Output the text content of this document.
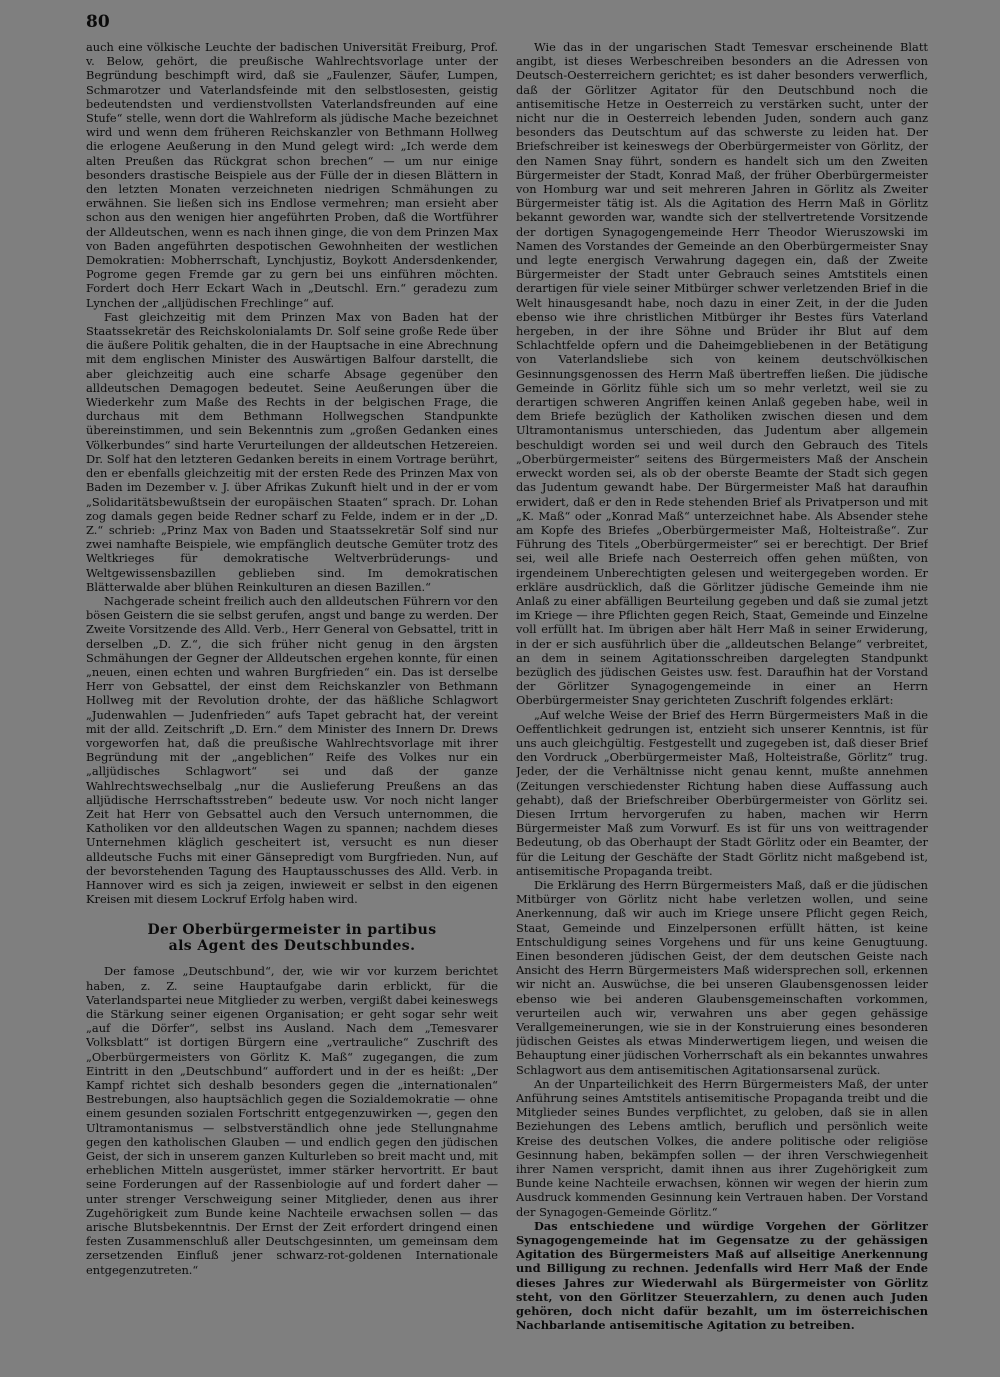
80

auch eine völkische Leuchte der badischen Universität Freiburg, Prof. v. Below, gehört, die preußische Wahlrechtsvorlage unter der Begründung beschimpft wird, daß sie „Faulenzer, Säufer, Lumpen, Schmarotzer und Vaterlandsfeinde mit den selbstlosesten, geistig bedeutendsten und verdienstvollsten Vaterlandsfreunden auf eine Stufe“ stelle, wenn dort die Wahlreform als jüdische Mache bezeichnet wird und wenn dem früheren Reichskanzler von Bethmann Hollweg die erlogene Aeußerung in den Mund gelegt wird: „Ich werde dem alten Preußen das Rückgrat schon brechen“ — um nur einige besonders drastische Beispiele aus der Fülle der in diesen Blättern in den letzten Monaten verzeichneten niedrigen Schmähungen zu erwähnen. Sie ließen sich ins Endlose vermehren; man ersieht aber schon aus den wenigen hier angeführten Proben, daß die Wortführer der Alldeutschen, wenn es nach ihnen ginge, die von dem Prinzen Max von Baden angeführten despotischen Gewohnheiten der westlichen Demokratien: Mobherrschaft, Lynchjustiz, Boykott Andersdenkender, Pogrome gegen Fremde gar zu gern bei uns einführen möchten. Fordert doch Herr Eckart Wach in „Deutschl. Ern.“ geradezu zum Lynchen der „alljüdischen Frechlinge“ auf.

Fast gleichzeitig mit dem Prinzen Max von Baden hat der Staatssekretär des Reichskolonialamts Dr. Solf seine große Rede über die äußere Politik gehalten, die in der Hauptsache in eine Abrechnung mit dem englischen Minister des Auswärtigen Balfour darstellt, die aber gleichzeitig auch eine scharfe Absage gegenüber den alldeutschen Demagogen bedeutet. Seine Aeußerungen über die Wiederkehr zum Maße des Rechts in der belgischen Frage, die durchaus mit dem Bethmann Hollwegschen Standpunkte übereinstimmen, und sein Bekenntnis zum „großen Gedanken eines Völkerbundes“ sind harte Verurteilungen der alldeutschen Hetzereien. Dr. Solf hat den letzteren Gedanken bereits in einem Vortrage berührt, den er ebenfalls gleichzeitig mit der ersten Rede des Prinzen Max von Baden im Dezember v. J. über Afrikas Zukunft hielt und in der er vom „Solidaritätsbewußtsein der europäischen Staaten“ sprach. Dr. Lohan zog damals gegen beide Redner scharf zu Felde, indem er in der „D. Z.“ schrieb: „Prinz Max von Baden und Staatssekretär Solf sind nur zwei namhafte Beispiele, wie empfänglich deutsche Gemüter trotz des Weltkrieges für demokratische Weltverbrüderungs- und Weltgewissensbazillen geblieben sind. Im demokratischen Blätterwalde aber blühen Reinkulturen an diesen Bazillen.“

Nachgerade scheint freilich auch den alldeutschen Führern vor den bösen Geistern die sie selbst gerufen, angst und bange zu werden. Der Zweite Vorsitzende des Alld. Verb., Herr General von Gebsattel, tritt in derselben „D. Z.“, die sich früher nicht genug in den ärgsten Schmähungen der Gegner der Alldeutschen ergehen konnte, für einen „neuen, einen echten und wahren Burgfrieden“ ein. Das ist derselbe Herr von Gebsattel, der einst dem Reichskanzler von Bethmann Hollweg mit der Revolution drohte, der das häßliche Schlagwort „Judenwahlen — Judenfrieden“ aufs Tapet gebracht hat, der vereint mit der alld. Zeitschrift „D. Ern.“ dem Minister des Innern Dr. Drews vorgeworfen hat, daß die preußische Wahlrechtsvorlage mit ihrer Begründung mit der „angeblichen“ Reife des Volkes nur ein „alljüdisches Schlagwort“ sei und daß der ganze Wahlrechtswechselbalg „nur die Auslieferung Preußens an das alljüdische Herrschaftsstreben“ bedeute usw. Vor noch nicht langer Zeit hat Herr von Gebsattel auch den Versuch unternommen, die Katholiken vor den alldeutschen Wagen zu spannen; nachdem dieses Unternehmen kläglich gescheitert ist, versucht es nun dieser alldeutsche Fuchs mit einer Gänsepredigt vom Burgfrieden. Nun, auf der bevorstehenden Tagung des Hauptausschusses des Alld. Verb. in Hannover wird es sich ja zeigen, inwieweit er selbst in den eigenen Kreisen mit diesem Lockruf Erfolg haben wird.

Der Oberbürgermeister in partibus
als Agent des Deutschbundes.

Der famose „Deutschbund“, der, wie wir vor kurzem berichtet haben, z. Z. seine Hauptaufgabe darin erblickt, für die Vaterlandspartei neue Mitglieder zu werben, vergißt dabei keineswegs die Stärkung seiner eigenen Organisation; er geht sogar sehr weit „auf die Dörfer“, selbst ins Ausland. Nach dem „Temesvarer Volksblatt“ ist dortigen Bürgern eine „vertrauliche“ Zuschrift des „Oberbürgermeisters von Görlitz K. Maß“ zugegangen, die zum Eintritt in den „Deutschbund“ auffordert und in der es heißt: „Der Kampf richtet sich deshalb besonders gegen die „internationalen“ Bestrebungen, also hauptsächlich gegen die Sozialdemokratie — ohne einem gesunden sozialen Fortschritt entgegenzuwirken —, gegen den Ultramontanismus — selbstverständlich ohne jede Stellungnahme gegen den katholischen Glauben — und endlich gegen den jüdischen Geist, der sich in unserem ganzen Kulturleben so breit macht und, mit erheblichen Mitteln ausgerüstet, immer stärker hervortritt. Er baut seine Forderungen auf der Rassenbiologie auf und fordert daher — unter strenger Verschweigung seiner Mitglieder, denen aus ihrer Zugehörigkeit zum Bunde keine Nachteile erwachsen sollen — das arische Blutsbekenntnis. Der Ernst der Zeit erfordert dringend einen festen Zusammenschluß aller Deutschgesinnten, um gemeinsam dem zersetzenden Einfluß jener schwarz-rot-goldenen Internationale entgegenzutreten.“

Wie das in der ungarischen Stadt Temesvar erscheinende Blatt angibt, ist dieses Werbeschreiben besonders an die Adressen von Deutsch-Oesterreichern gerichtet; es ist daher besonders verwerflich, daß der Görlitzer Agitator für den Deutschbund noch die antisemitische Hetze in Oesterreich zu verstärken sucht, unter der nicht nur die in Oesterreich lebenden Juden, sondern auch ganz besonders das Deutschtum auf das schwerste zu leiden hat. Der Briefschreiber ist keineswegs der Oberbürgermeister von Görlitz, der den Namen Snay führt, sondern es handelt sich um den Zweiten Bürgermeister der Stadt, Konrad Maß, der früher Oberbürgermeister von Homburg war und seit mehreren Jahren in Görlitz als Zweiter Bürgermeister tätig ist. Als die Agitation des Herrn Maß in Görlitz bekannt geworden war, wandte sich der stellvertretende Vorsitzende der dortigen Synagogengemeinde Herr Theodor Wieruszowski im Namen des Vorstandes der Gemeinde an den Oberbürgermeister Snay und legte energisch Verwahrung dagegen ein, daß der Zweite Bürgermeister der Stadt unter Gebrauch seines Amtstitels einen derartigen für viele seiner Mitbürger schwer verletzenden Brief in die Welt hinausgesandt habe, noch dazu in einer Zeit, in der die Juden ebenso wie ihre christlichen Mitbürger ihr Bestes fürs Vaterland hergeben, in der ihre Söhne und Brüder ihr Blut auf dem Schlachtfelde opfern und die Daheimgebliebenen in der Betätigung von Vaterlandsliebe sich von keinem deutschvölkischen Gesinnungsgenossen des Herrn Maß übertreffen ließen. Die jüdische Gemeinde in Görlitz fühle sich um so mehr verletzt, weil sie zu derartigen schweren Angriffen keinen Anlaß gegeben habe, weil in dem Briefe bezüglich der Katholiken zwischen diesen und dem Ultramontanismus unterschieden, das Judentum aber allgemein beschuldigt worden sei und weil durch den Gebrauch des Titels „Oberbürgermeister“ seitens des Bürgermeisters Maß der Anschein erweckt worden sei, als ob der oberste Beamte der Stadt sich gegen das Judentum gewandt habe. Der Bürgermeister Maß hat daraufhin erwidert, daß er den in Rede stehenden Brief als Privatperson und mit „K. Maß“ oder „Konrad Maß“ unterzeichnet habe. Als Absender stehe am Kopfe des Briefes „Oberbürgermeister Maß, Holteistraße“. Zur Führung des Titels „Oberbürgermeister“ sei er berechtigt. Der Brief sei, weil alle Briefe nach Oesterreich offen gehen müßten, von irgendeinem Unberechtigten gelesen und weitergegeben worden. Er erkläre ausdrücklich, daß die Görlitzer jüdische Gemeinde ihm nie Anlaß zu einer abfälligen Beurteilung gegeben und daß sie zumal jetzt im Kriege — ihre Pflichten gegen Reich, Staat, Gemeinde und Einzelne voll erfüllt hat. Im übrigen aber hält Herr Maß in seiner Erwiderung, in der er sich ausführlich über die „alldeutschen Belange“ verbreitet, an dem in seinem Agitationsschreiben dargelegten Standpunkt bezüglich des jüdischen Geistes usw. fest. Daraufhin hat der Vorstand der Görlitzer Synagogengemeinde in einer an Herrn Oberbürgermeister Snay gerichteten Zuschrift folgendes erklärt:

„Auf welche Weise der Brief des Herrn Bürgermeisters Maß in die Oeffentlichkeit gedrungen ist, entzieht sich unserer Kenntnis, ist für uns auch gleichgültig. Festgestellt und zugegeben ist, daß dieser Brief den Vordruck „Oberbürgermeister Maß, Holteistraße, Görlitz“ trug. Jeder, der die Verhältnisse nicht genau kennt, mußte annehmen (Zeitungen verschiedenster Richtung haben diese Auffassung auch gehabt), daß der Briefschreiber Oberbürgermeister von Görlitz sei. Diesen Irrtum hervorgerufen zu haben, machen wir Herrn Bürgermeister Maß zum Vorwurf. Es ist für uns von weittragender Bedeutung, ob das Oberhaupt der Stadt Görlitz oder ein Beamter, der für die Leitung der Geschäfte der Stadt Görlitz nicht maßgebend ist, antisemitische Propaganda treibt.

Die Erklärung des Herrn Bürgermeisters Maß, daß er die jüdischen Mitbürger von Görlitz nicht habe verletzen wollen, und seine Anerkennung, daß wir auch im Kriege unsere Pflicht gegen Reich, Staat, Gemeinde und Einzelpersonen erfüllt hätten, ist keine Entschuldigung seines Vorgehens und für uns keine Genugtuung. Einen besonderen jüdischen Geist, der dem deutschen Geiste nach Ansicht des Herrn Bürgermeisters Maß widersprechen soll, erkennen wir nicht an. Auswüchse, die bei unseren Glaubensgenossen leider ebenso wie bei anderen Glaubensgemeinschaften vorkommen, verurteilen auch wir, verwahren uns aber gegen gehässige Verallgemeinerungen, wie sie in der Konstruierung eines besonderen jüdischen Geistes als etwas Minderwertigem liegen, und weisen die Behauptung einer jüdischen Vorherrschaft als ein bekanntes unwahres Schlagwort aus dem antisemitischen Agitationsarsenal zurück.

An der Unparteilichkeit des Herrn Bürgermeisters Maß, der unter Anführung seines Amtstitels antisemitische Propaganda treibt und die Mitglieder seines Bundes verpflichtet, zu geloben, daß sie in allen Beziehungen des Lebens amtlich, beruflich und persönlich weite Kreise des deutschen Volkes, die andere politische oder religiöse Gesinnung haben, bekämpfen sollen — der ihren Verschwiegenheit ihrer Namen verspricht, damit ihnen aus ihrer Zugehörigkeit zum Bunde keine Nachteile erwachsen, können wir wegen der hierin zum Ausdruck kommenden Gesinnung kein Vertrauen haben. Der Vorstand der Synagogen-Gemeinde Görlitz.“

Das entschiedene und würdige Vorgehen der Görlitzer Synagogengemeinde hat im Gegensatze zu der gehässigen Agitation des Bürgermeisters Maß auf allseitige Anerkennung und Billigung zu rechnen. Jedenfalls wird Herr Maß der Ende dieses Jahres zur Wiederwahl als Bürgermeister von Görlitz steht, von den Görlitzer Steuerzahlern, zu denen auch Juden gehören, doch nicht dafür bezahlt, um im österreichischen Nachbarlande antisemitische Agitation zu betreiben.
